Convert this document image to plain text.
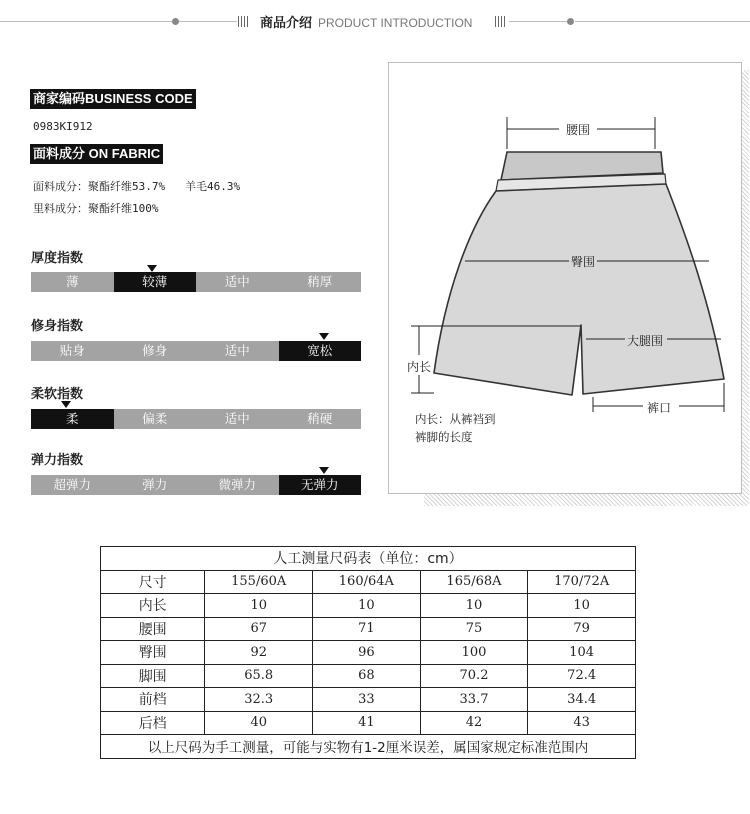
商品介绍 PRODUCT INTRODUCTION
商家编码BUSINESS CODE
0983KI912
面料成分 ON FABRIC
面料成分：聚酯纤维53.7%   羊毛46.3%
里料成分：聚酯纤维100%
厚度指数
薄	较薄	适中	稍厚
修身指数
贴身	修身	适中	宽松
柔软指数
柔	偏柔	适中	稍硬
弹力指数
超弹力	弹力	微弹力	无弹力
腰围
臀围
大腿围
内长
裤口
内长：从裤裆到
裤脚的长度
人工测量尺码表（单位：cm）				
尺寸	155/60A	160/64A	165/68A	170/72A
内长	10	10	10	10
腰围	67	71	75	79
臀围	92	96	100	104
脚围	65.8	68	70.2	72.4
前档	32.3	33	33.7	34.4
后档	40	41	42	43
以上尺码为手工测量，可能与实物有1-2厘米误差，属国家规定标准范围内				
